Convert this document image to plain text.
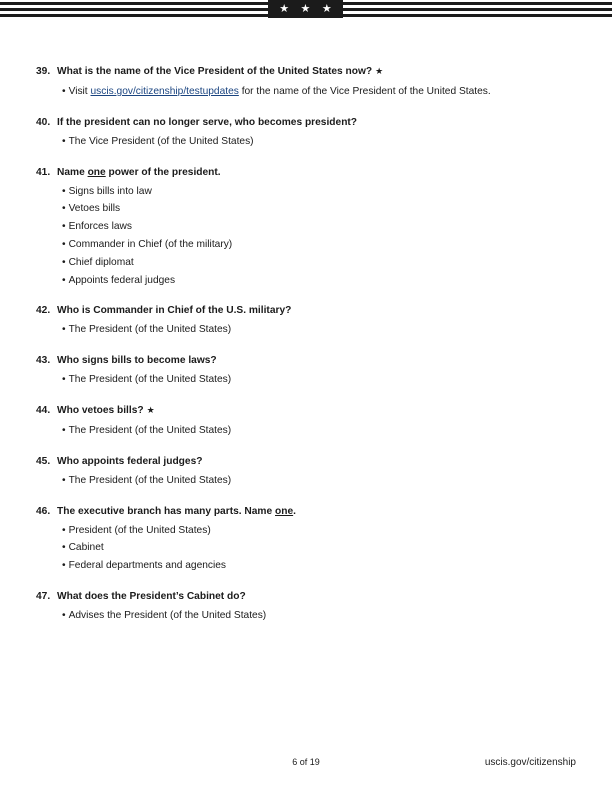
★ ★ ★ ★
39. What is the name of the Vice President of the United States now? ★
• Visit uscis.gov/citizenship/testupdates for the name of the Vice President of the United States.
40. If the president can no longer serve, who becomes president?
• The Vice President (of the United States)
41. Name one power of the president.
• Signs bills into law
• Vetoes bills
• Enforces laws
• Commander in Chief (of the military)
• Chief diplomat
• Appoints federal judges
42. Who is Commander in Chief of the U.S. military?
• The President (of the United States)
43. Who signs bills to become laws?
• The President (of the United States)
44. Who vetoes bills? ★
• The President (of the United States)
45. Who appoints federal judges?
• The President (of the United States)
46. The executive branch has many parts. Name one.
• President (of the United States)
• Cabinet
• Federal departments and agencies
47. What does the President’s Cabinet do?
• Advises the President (of the United States)
6 of 19	uscis.gov/citizenship
